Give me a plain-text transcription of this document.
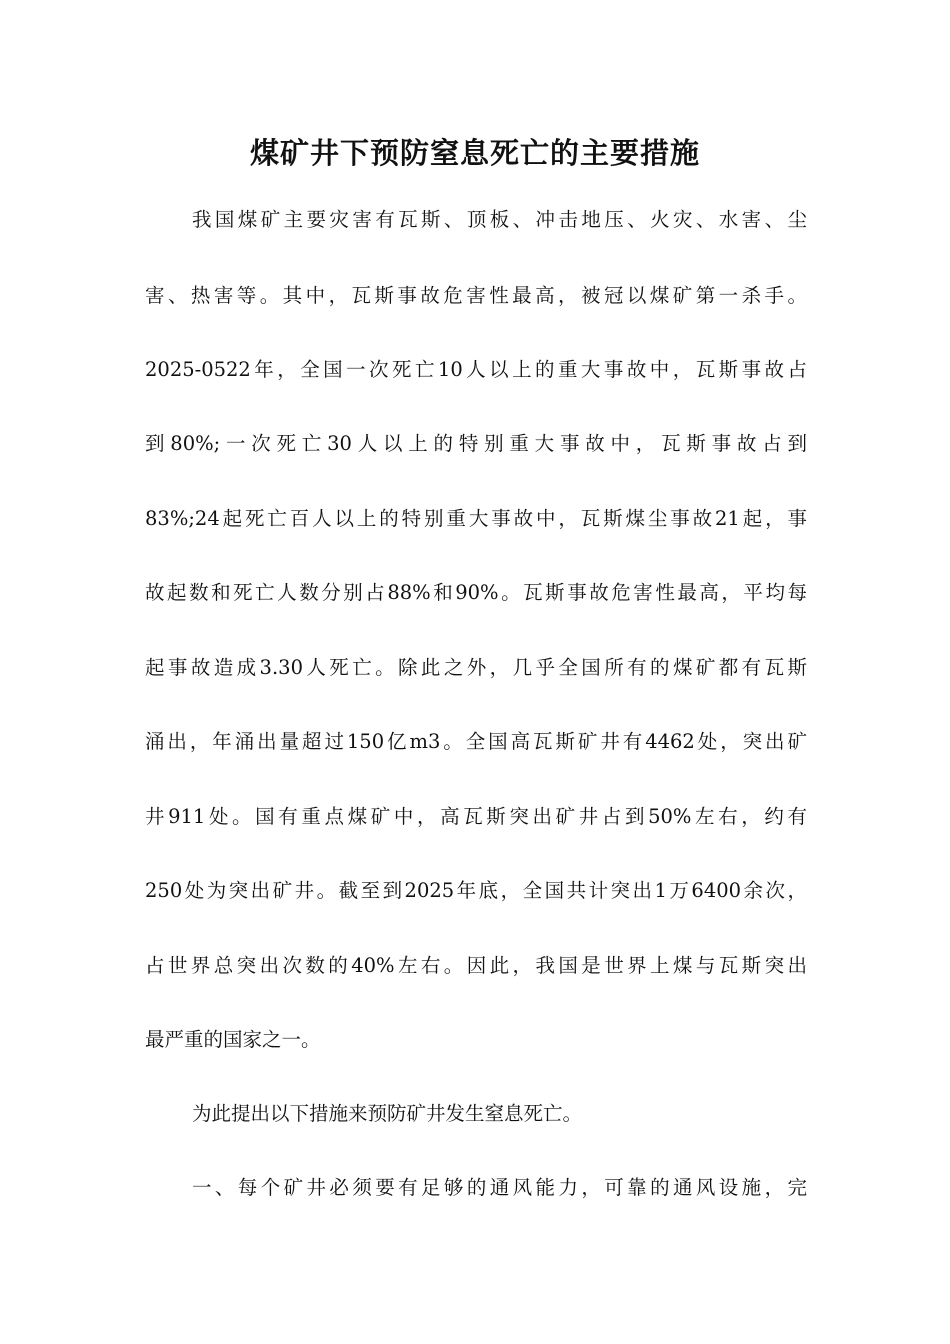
煤矿井下预防窒息死亡的主要措施
我国煤矿主要灾害有瓦斯、顶板、冲击地压、火灾、水害、尘
害、热害等。其中，瓦斯事故危害性最高，被冠以煤矿第一杀手。
2025-0522年，全国一次死亡10人以上的重大事故中，瓦斯事故占
到80%;一次死亡30人以上的特别重大事故中，瓦斯事故占到
83%;24起死亡百人以上的特别重大事故中，瓦斯煤尘事故21起，事
故起数和死亡人数分别占88%和90%。瓦斯事故危害性最高，平均每
起事故造成3.30人死亡。除此之外，几乎全国所有的煤矿都有瓦斯
涌出，年涌出量超过150亿m3。全国高瓦斯矿井有4462处，突出矿
井911处。国有重点煤矿中，高瓦斯突出矿井占到50%左右，约有
250处为突出矿井。截至到2025年底，全国共计突出1万6400余次，
占世界总突出次数的40%左右。因此，我国是世界上煤与瓦斯突出
最严重的国家之一。
为此提出以下措施来预防矿井发生窒息死亡。
一、每个矿井必须要有足够的通风能力，可靠的通风设施，完
